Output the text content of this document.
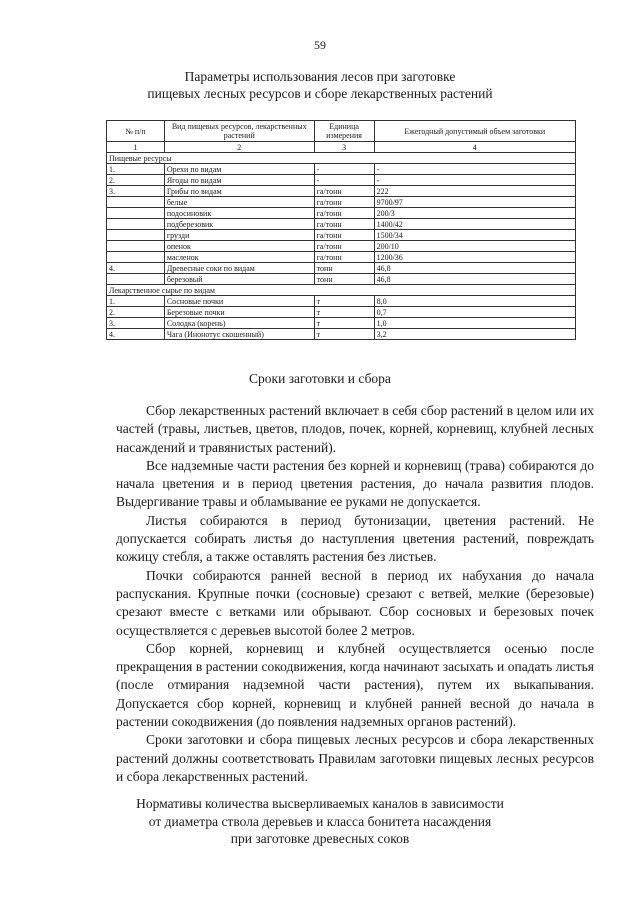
59
Параметры использования лесов при заготовке
пищевых лесных ресурсов и сборе лекарственных растений
№ п/п	Вид пищевых ресурсов, лекарственных растений	Единица измерения	Ежегодный допустимый объем заготовки
1	2	3	4
Пищевые ресурсы			
1.	Орехи по видам	-	-
2.	Ягоды по видам	-	-
3.	Грибы по видам	га/тонн	222
	белые	га/тонн	9700/97
	подосиновик	га/тонн	200/3
	подберезовик	га/тонн	1400/42
	грузди	га/тонн	1500/34
	опенок	га/тонн	200/10
	масленок	га/тонн	1200/36
4.	Древесные соки по видам	тонн	46,8
	березовый	тонн	46,8
Лекарственное сырье по видам			
1.	Сосновые почки	т	8,0
2.	Березовые почки	т	0,7
3.	Солодка (корень)	т	1,0
4.	Чага (Инонотус скошенный)	т	3,2
Сроки заготовки и сбора

Сбор лекарственных растений включает в себя сбор растений в целом или их частей (травы, листьев, цветов, плодов, почек, корней, корневищ, клубней лесных насаждений и травянистых растений).

Все надземные части растения без корней и корневищ (трава) собираются до начала цветения и в период цветения растения, до начала развития плодов. Выдергивание травы и обламывание ее руками не допускается.

Листья собираются в период бутонизации, цветения растений. Не допускается собирать листья до наступления цветения растений, повреждать кожицу стебля, а также оставлять растения без листьев.

Почки собираются ранней весной в период их набухания до начала распускания. Крупные почки (сосновые) срезают с ветвей, мелкие (березовые) срезают вместе с ветками или обрывают. Сбор сосновых и березовых почек осуществляется с деревьев высотой более 2 метров.

Сбор корней, корневищ и клубней осуществляется осенью после прекращения в растении сокодвижения, когда начинают засыхать и опадать листья (после отмирания надземной части растения), путем их выкапывания. Допускается сбор корней, корневищ и клубней ранней весной до начала в растении сокодвижения (до появления надземных органов растений).

Сроки заготовки и сбора пищевых лесных ресурсов и сбора лекарственных растений должны соответствовать Правилам заготовки пищевых лесных ресурсов и сбора лекарственных растений.

Нормативы количества высверливаемых каналов в зависимости
от диаметра ствола деревьев и класса бонитета насаждения
при заготовке древесных соков
